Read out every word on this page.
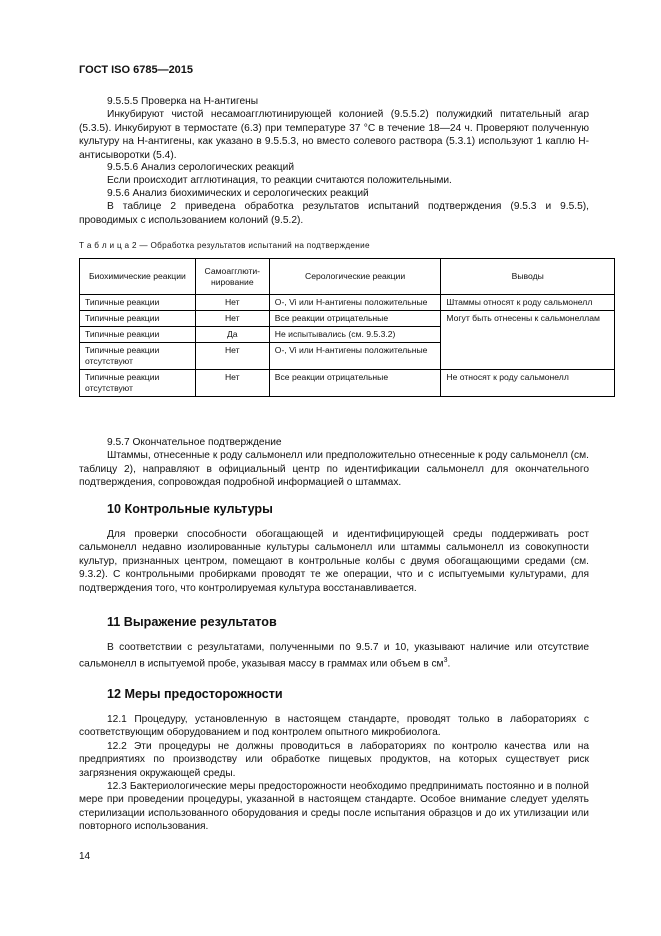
ГОСТ ISO 6785—2015
9.5.5.5 Проверка на Н-антигены
Инкубируют чистой несамоагглютинирующей колонией (9.5.5.2) полужидкий питательный агар (5.3.5). Инкубируют в термостате (6.3) при температуре 37 °С в течение 18—24 ч. Проверяют полученную культуру на Н-антигены, как указано в 9.5.5.3, но вместо солевого раствора (5.3.1) используют 1 каплю Н-антисыворотки (5.4).
9.5.5.6 Анализ серологических реакций
Если происходит агглютинация, то реакции считаются положительными.
9.5.6 Анализ биохимических и серологических реакций
В таблице 2 приведена обработка результатов испытаний подтверждения (9.5.3 и 9.5.5), проводимых с использованием колоний (9.5.2).
Т а б л и ц а 2 — Обработка результатов испытаний на подтверждение
Биохимические реакции	Самоагглюти-нирование	Серологические реакции	Выводы
Типичные реакции	Нет	О-, Vi или Н-антигены положительные	Штаммы относят к роду сальмонелл
Типичные реакции	Нет	Все реакции отрицательные	Могут быть отнесены к сальмонеллам
Типичные реакции	Да	Не испытывались (см. 9.5.3.2)	
Типичные реакции отсутствуют	Нет	О-, Vi или Н-антигены положительные	
Типичные реакции отсутствуют	Нет	Все реакции отрицательные	Не относят к роду сальмонелл
9.5.7 Окончательное подтверждение
Штаммы, отнесенные к роду сальмонелл или предположительно отнесенные к роду сальмонелл (см. таблицу 2), направляют в официальный центр по идентификации сальмонелл для окончательного подтверждения, сопровождая подробной информацией о штаммах.
10 Контрольные культуры
Для проверки способности обогащающей и идентифицирующей среды поддерживать рост сальмонелл недавно изолированные культуры сальмонелл или штаммы сальмонелл из совокупности культур, признанных центром, помещают в контрольные колбы с двумя обогащающими средами (см. 9.3.2). С контрольными пробирками проводят те же операции, что и с испытуемыми культурами, для подтверждения того, что контролируемая культура восстанавливается.
11 Выражение результатов
В соответствии с результатами, полученными по 9.5.7 и 10, указывают наличие или отсутствие сальмонелл в испытуемой пробе, указывая массу в граммах или объем в $см^3$.
12 Меры предосторожности
12.1 Процедуру, установленную в настоящем стандарте, проводят только в лабораториях с соответствующим оборудованием и под контролем опытного микробиолога.
12.2 Эти процедуры не должны проводиться в лабораториях по контролю качества или на предприятиях по производству или обработке пищевых продуктов, на которых существует риск загрязнения окружающей среды.
12.3 Бактериологические меры предосторожности необходимо предпринимать постоянно и в полной мере при проведении процедуры, указанной в настоящем стандарте. Особое внимание следует уделять стерилизации использованного оборудования и среды после испытания образцов и до их утилизации или повторного использования.
14
